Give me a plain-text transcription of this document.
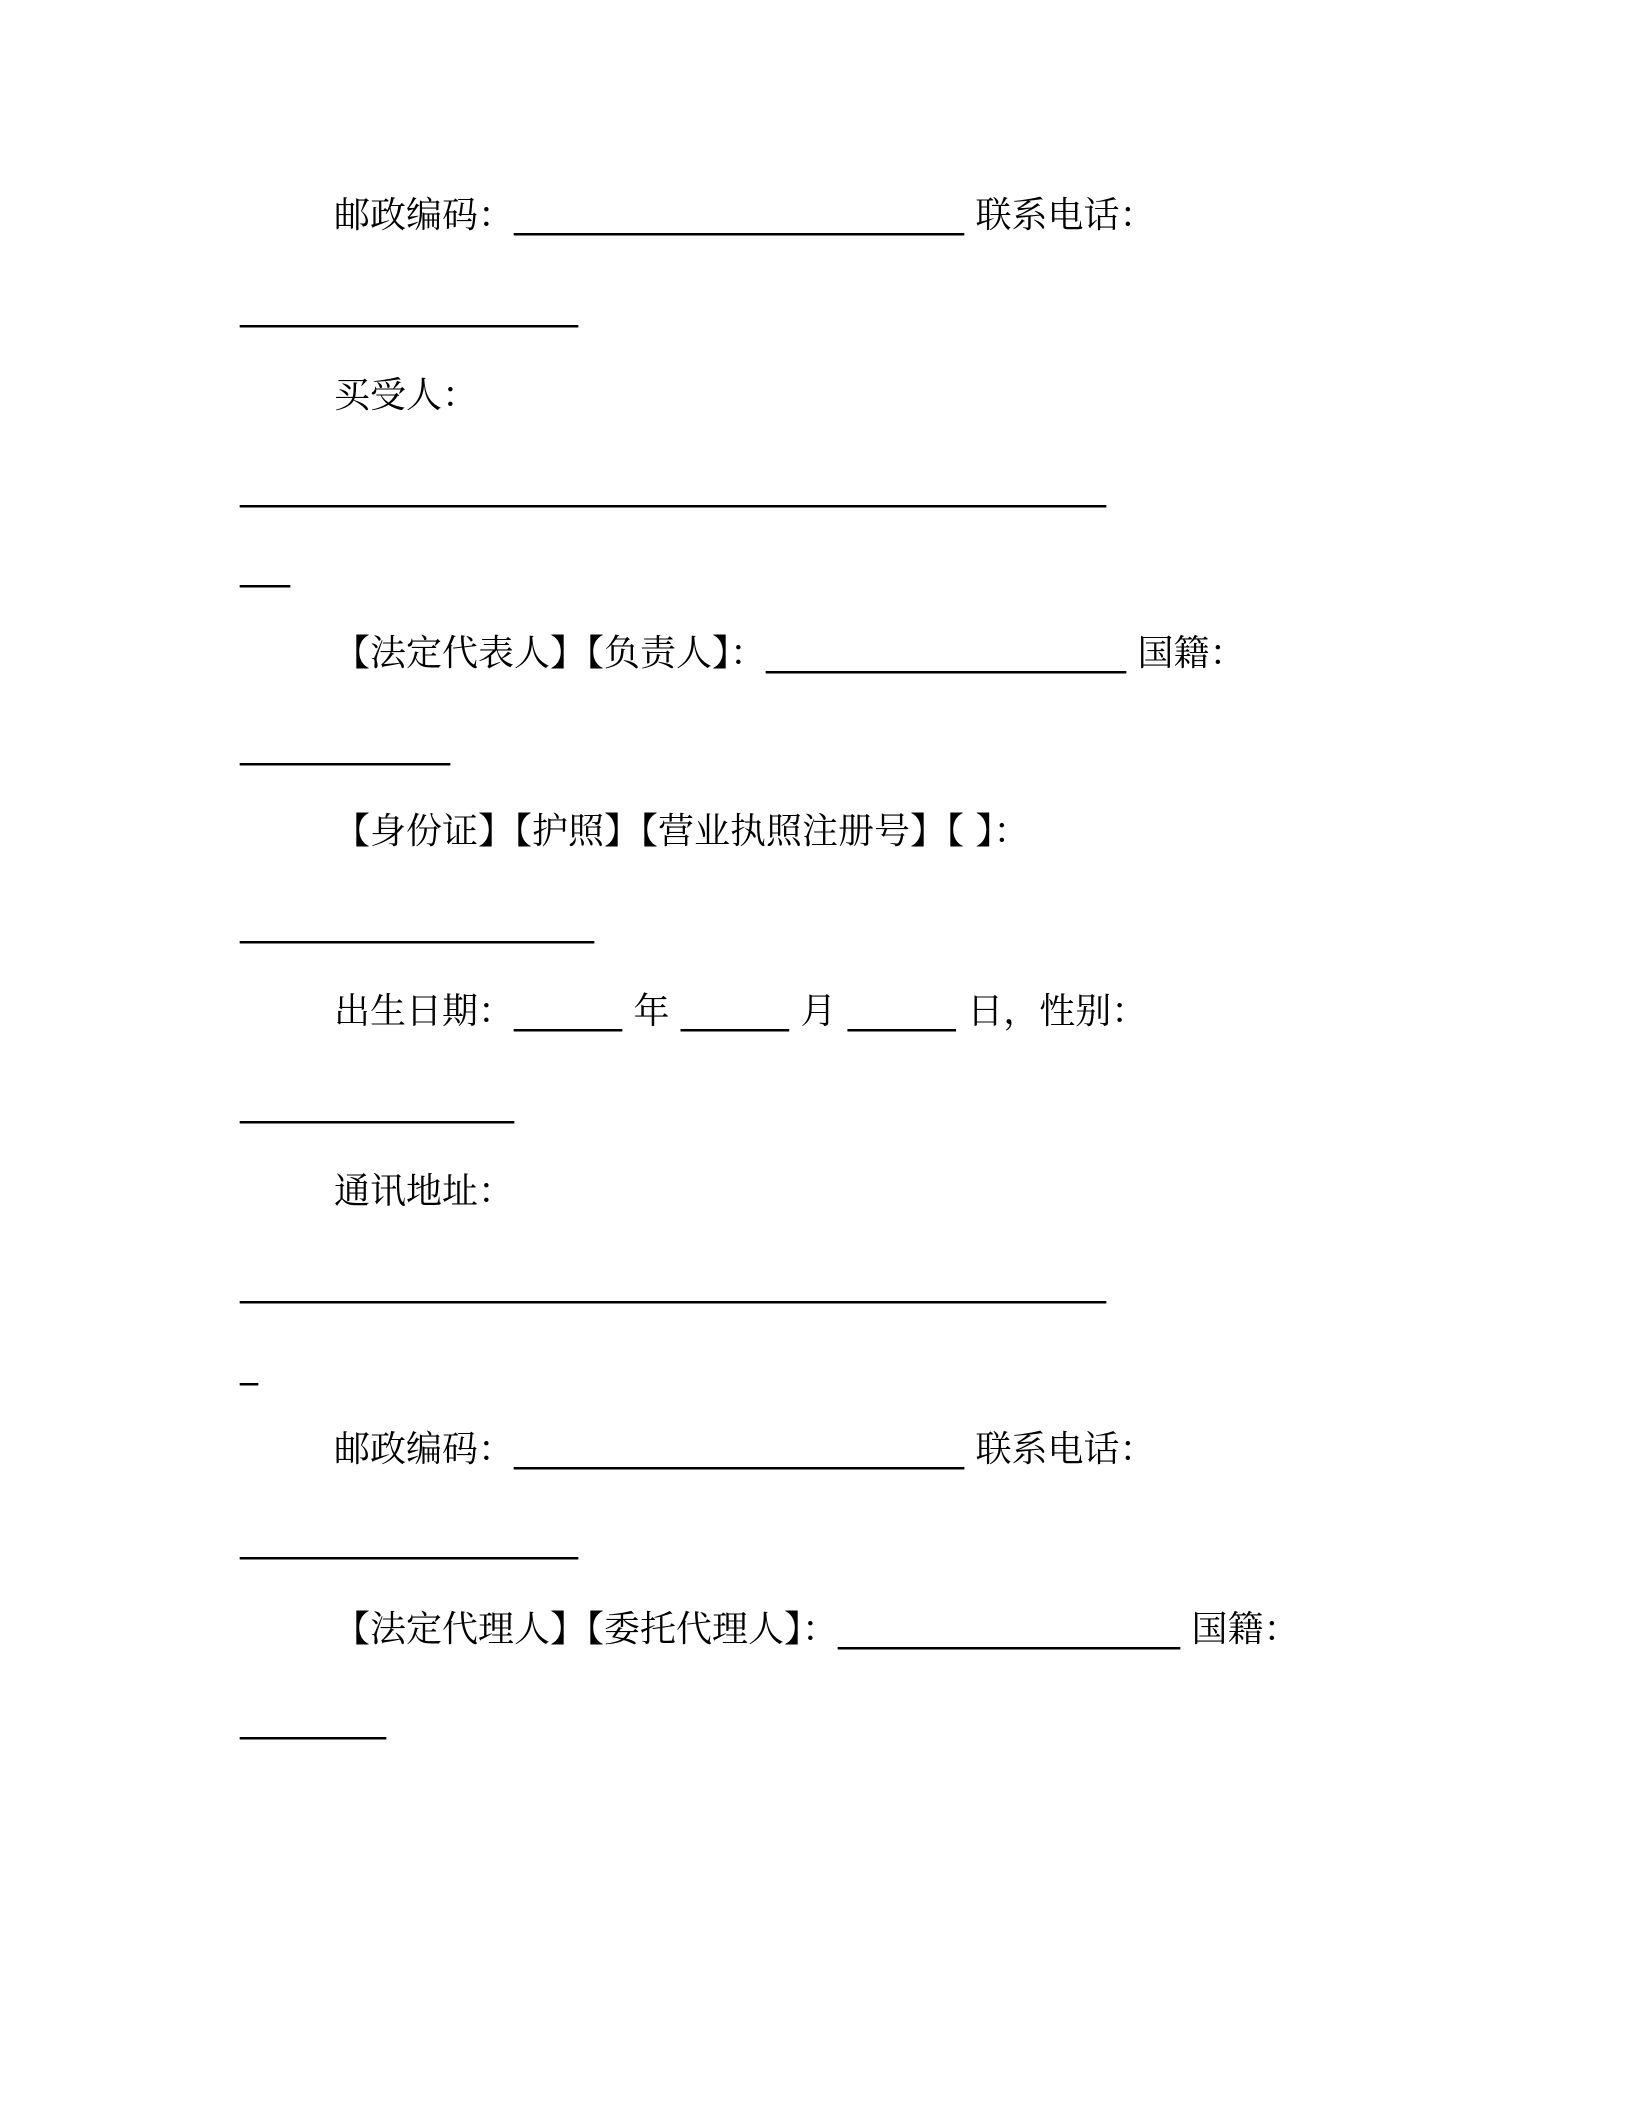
邮政编码：_________________________ 联系电话：
_____________________
买受人：
______________________________________________________
___
【法定代表人】【负责人】：____________________ 国籍：
_____________
【身份证】【护照】【营业执照注册号】【 】：
______________________
出生日期：______ 年 ______ 月 ______ 日，性别：
_________________
通讯地址：
______________________________________________________
_
邮政编码：_________________________ 联系电话：
_____________________
【法定代理人】【委托代理人】：___________________ 国籍：
_________
